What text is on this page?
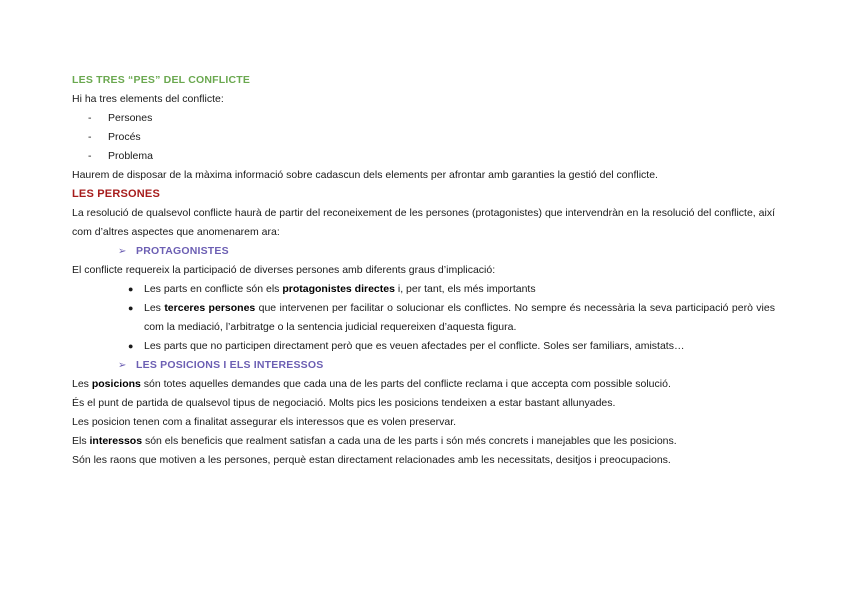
LES TRES “PES” DEL CONFLICTE
Hi ha tres elements del conflicte:
- Persones
- Procés
- Problema
Haurem de disposar de la màxima informació sobre cadascun dels elements per afrontar amb garanties la gestió del conflicte.
LES PERSONES
La resolució de qualsevol conflicte haurà de partir del reconeixement de les persones (protagonistes) que intervendràn en la resolució del conflicte, així com d’altres aspectes que anomenarem ara:
➢ PROTAGONISTES
El conflicte requereix la participació de diverses persones amb diferents graus d’implicació:
● Les parts en conflicte són els protagonistes directes i, per tant, els més importants
● Les terceres persones que intervenen per facilitar o solucionar els conflictes. No sempre és necessària la seva participació però vies com la mediació, l’arbitratge o la sentencia judicial requereixen d’aquesta figura.
● Les parts que no participen directament però que es veuen afectades per el conflicte. Soles ser familiars, amistats…
➢ LES POSICIONS I ELS INTERESSOS
Les posicions són totes aquelles demandes que cada una de les parts del conflicte reclama i que accepta com possible solució.
És el punt de partida de qualsevol tipus de negociació. Molts pics les posicions tendeixen a estar bastant allunyades.
Les posicion tenen com a finalitat assegurar els interessos que es volen preservar.
Els interessos són els beneficis que realment satisfan a cada una de les parts i són més concrets i manejables que les posicions.
Són les raons que motiven a les persones, perquè estan directament relacionades amb les necessitats, desitjos i preocupacions.
